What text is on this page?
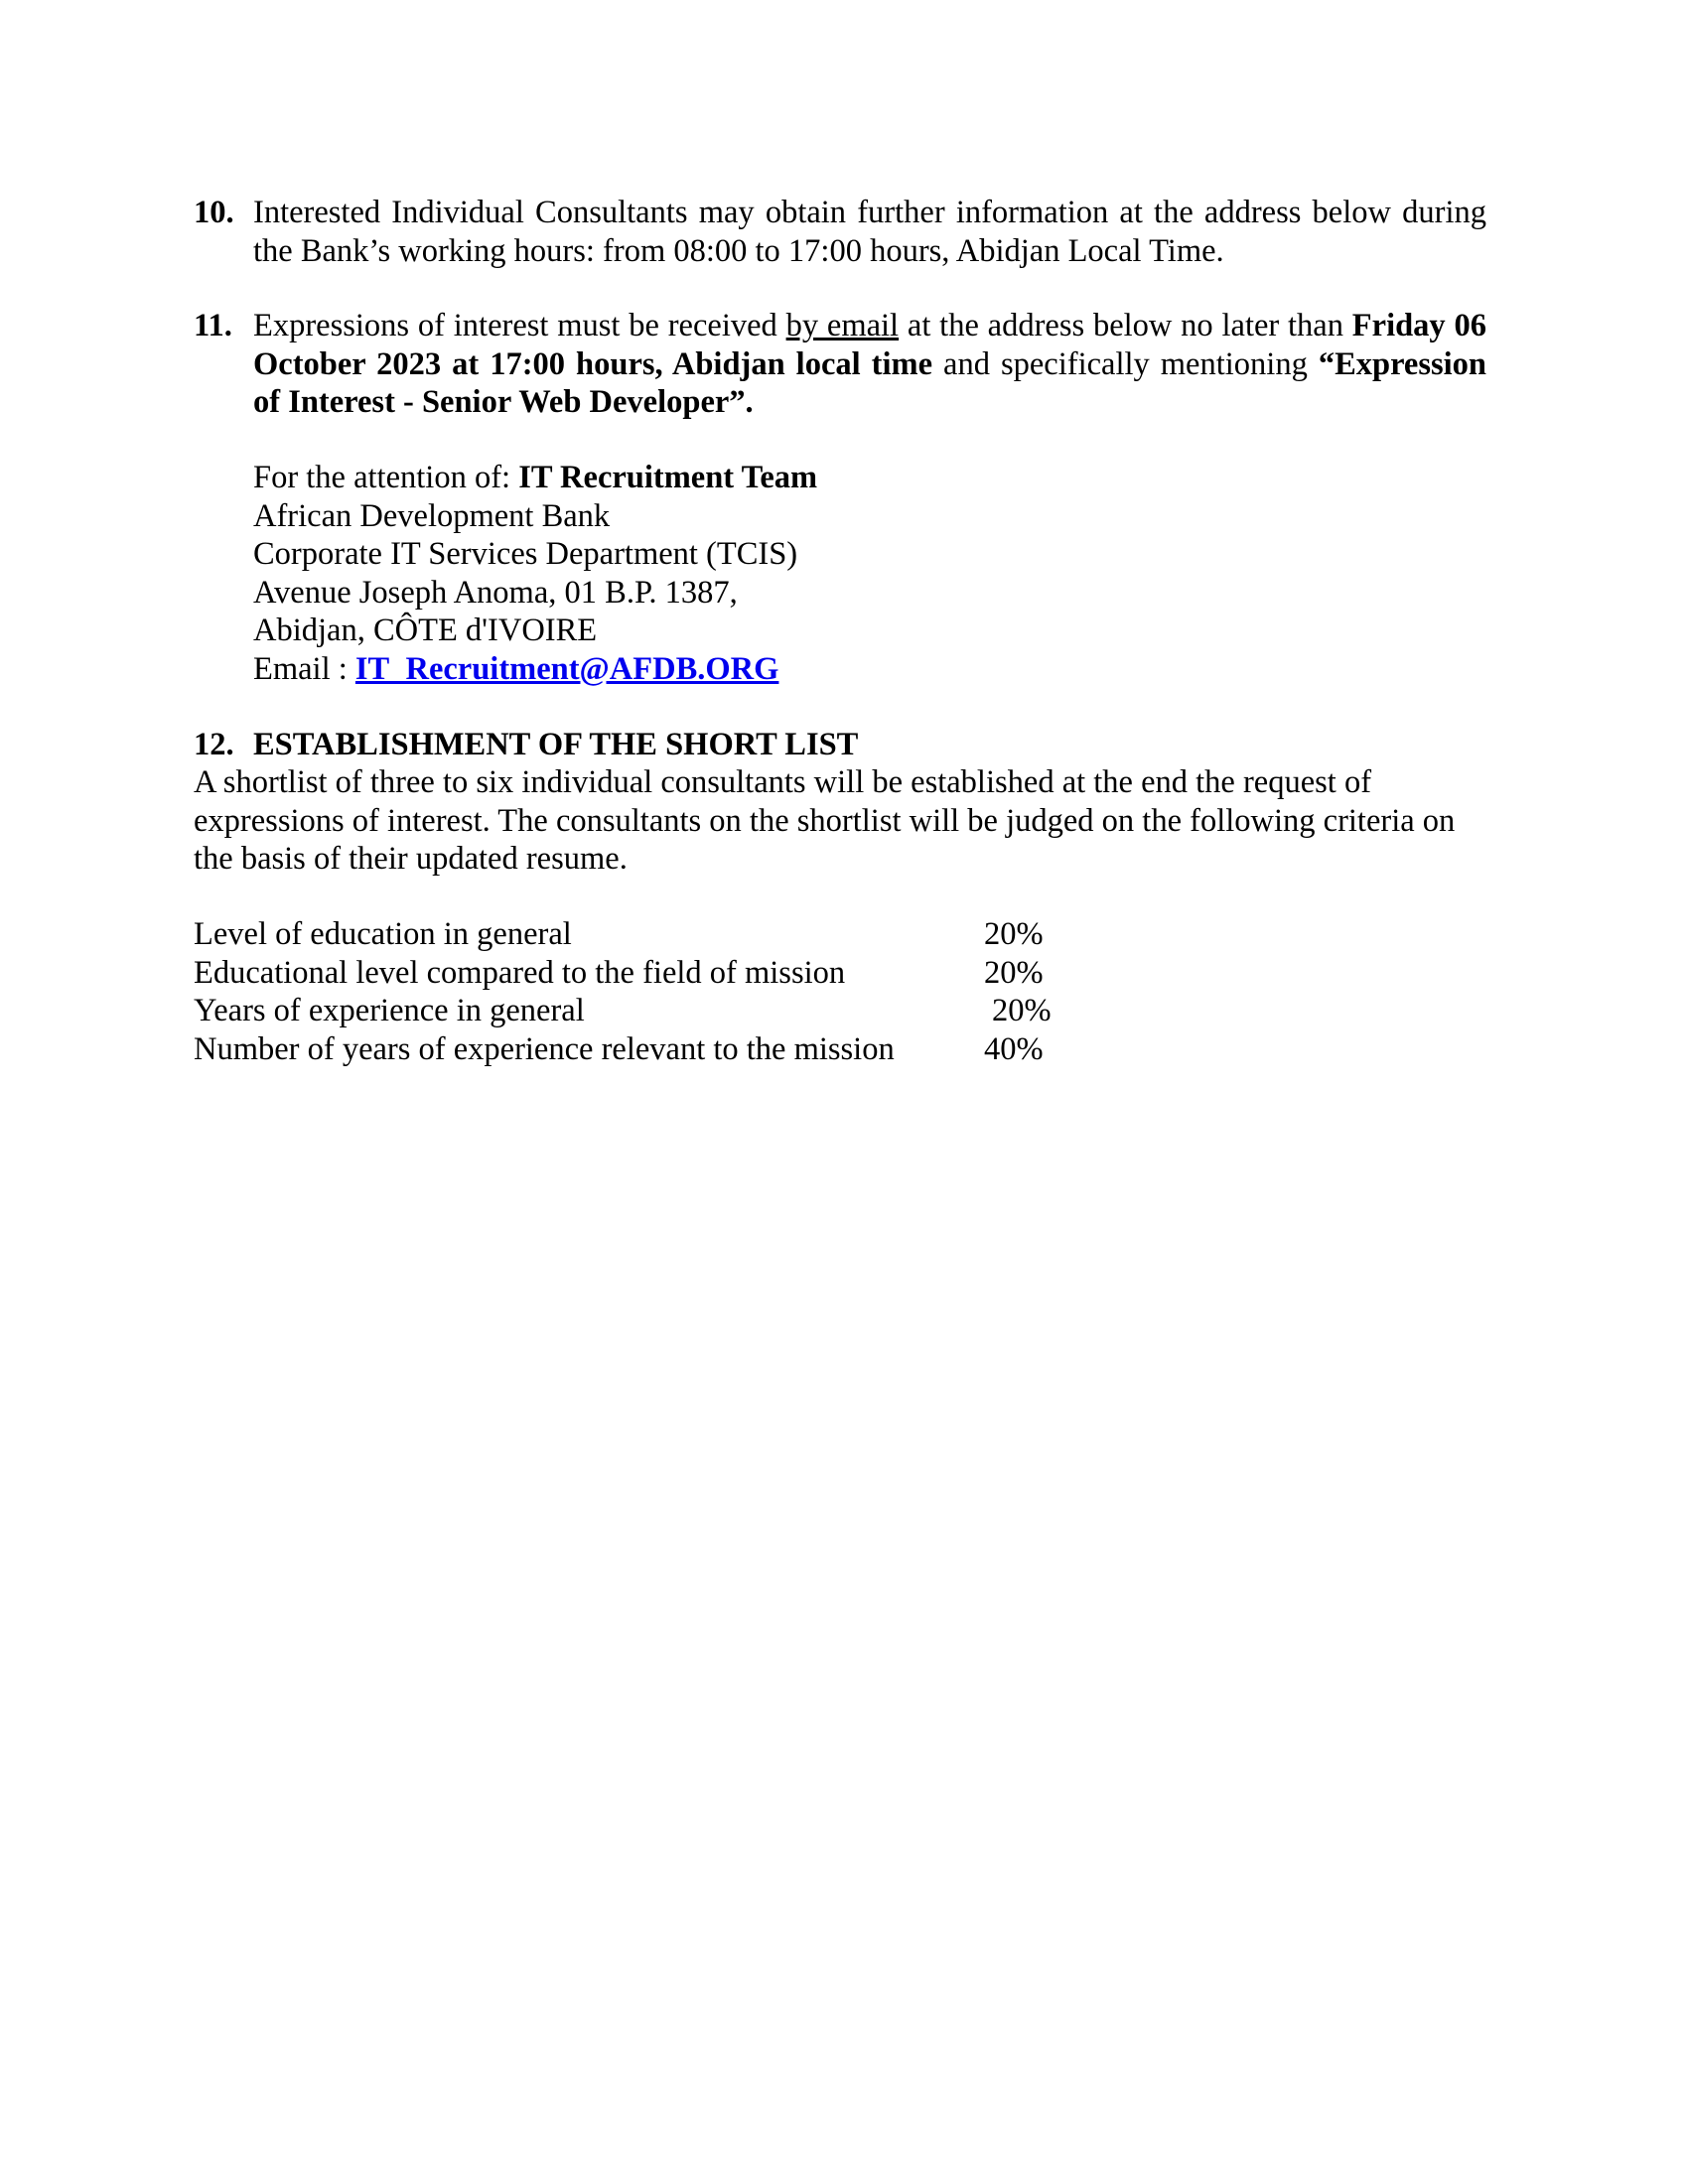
10. Interested Individual Consultants may obtain further information at the address below during
the Bank’s working hours: from 08:00 to 17:00 hours, Abidjan Local Time.
11. Expressions of interest must be received by email at the address below no later than Friday 06 October 2023 at 17:00 hours, Abidjan local time and specifically mentioning “Expression of Interest - Senior Web Developer”.
For the attention of: IT Recruitment Team
African Development Bank
Corporate IT Services Department (TCIS)
Avenue Joseph Anoma, 01 B.P. 1387,
Abidjan, CÔTE d'IVOIRE
Email : IT_Recruitment@AFDB.ORG
12. ESTABLISHMENT OF THE SHORT LIST
A shortlist of three to six individual consultants will be established at the end the request of
expressions of interest. The consultants on the shortlist will be judged on the following criteria on
the basis of their updated resume.
Level of education in general	20%
Educational level compared to the field of mission	20%
Years of experience in general	20%
Number of years of experience relevant to the mission	40%
